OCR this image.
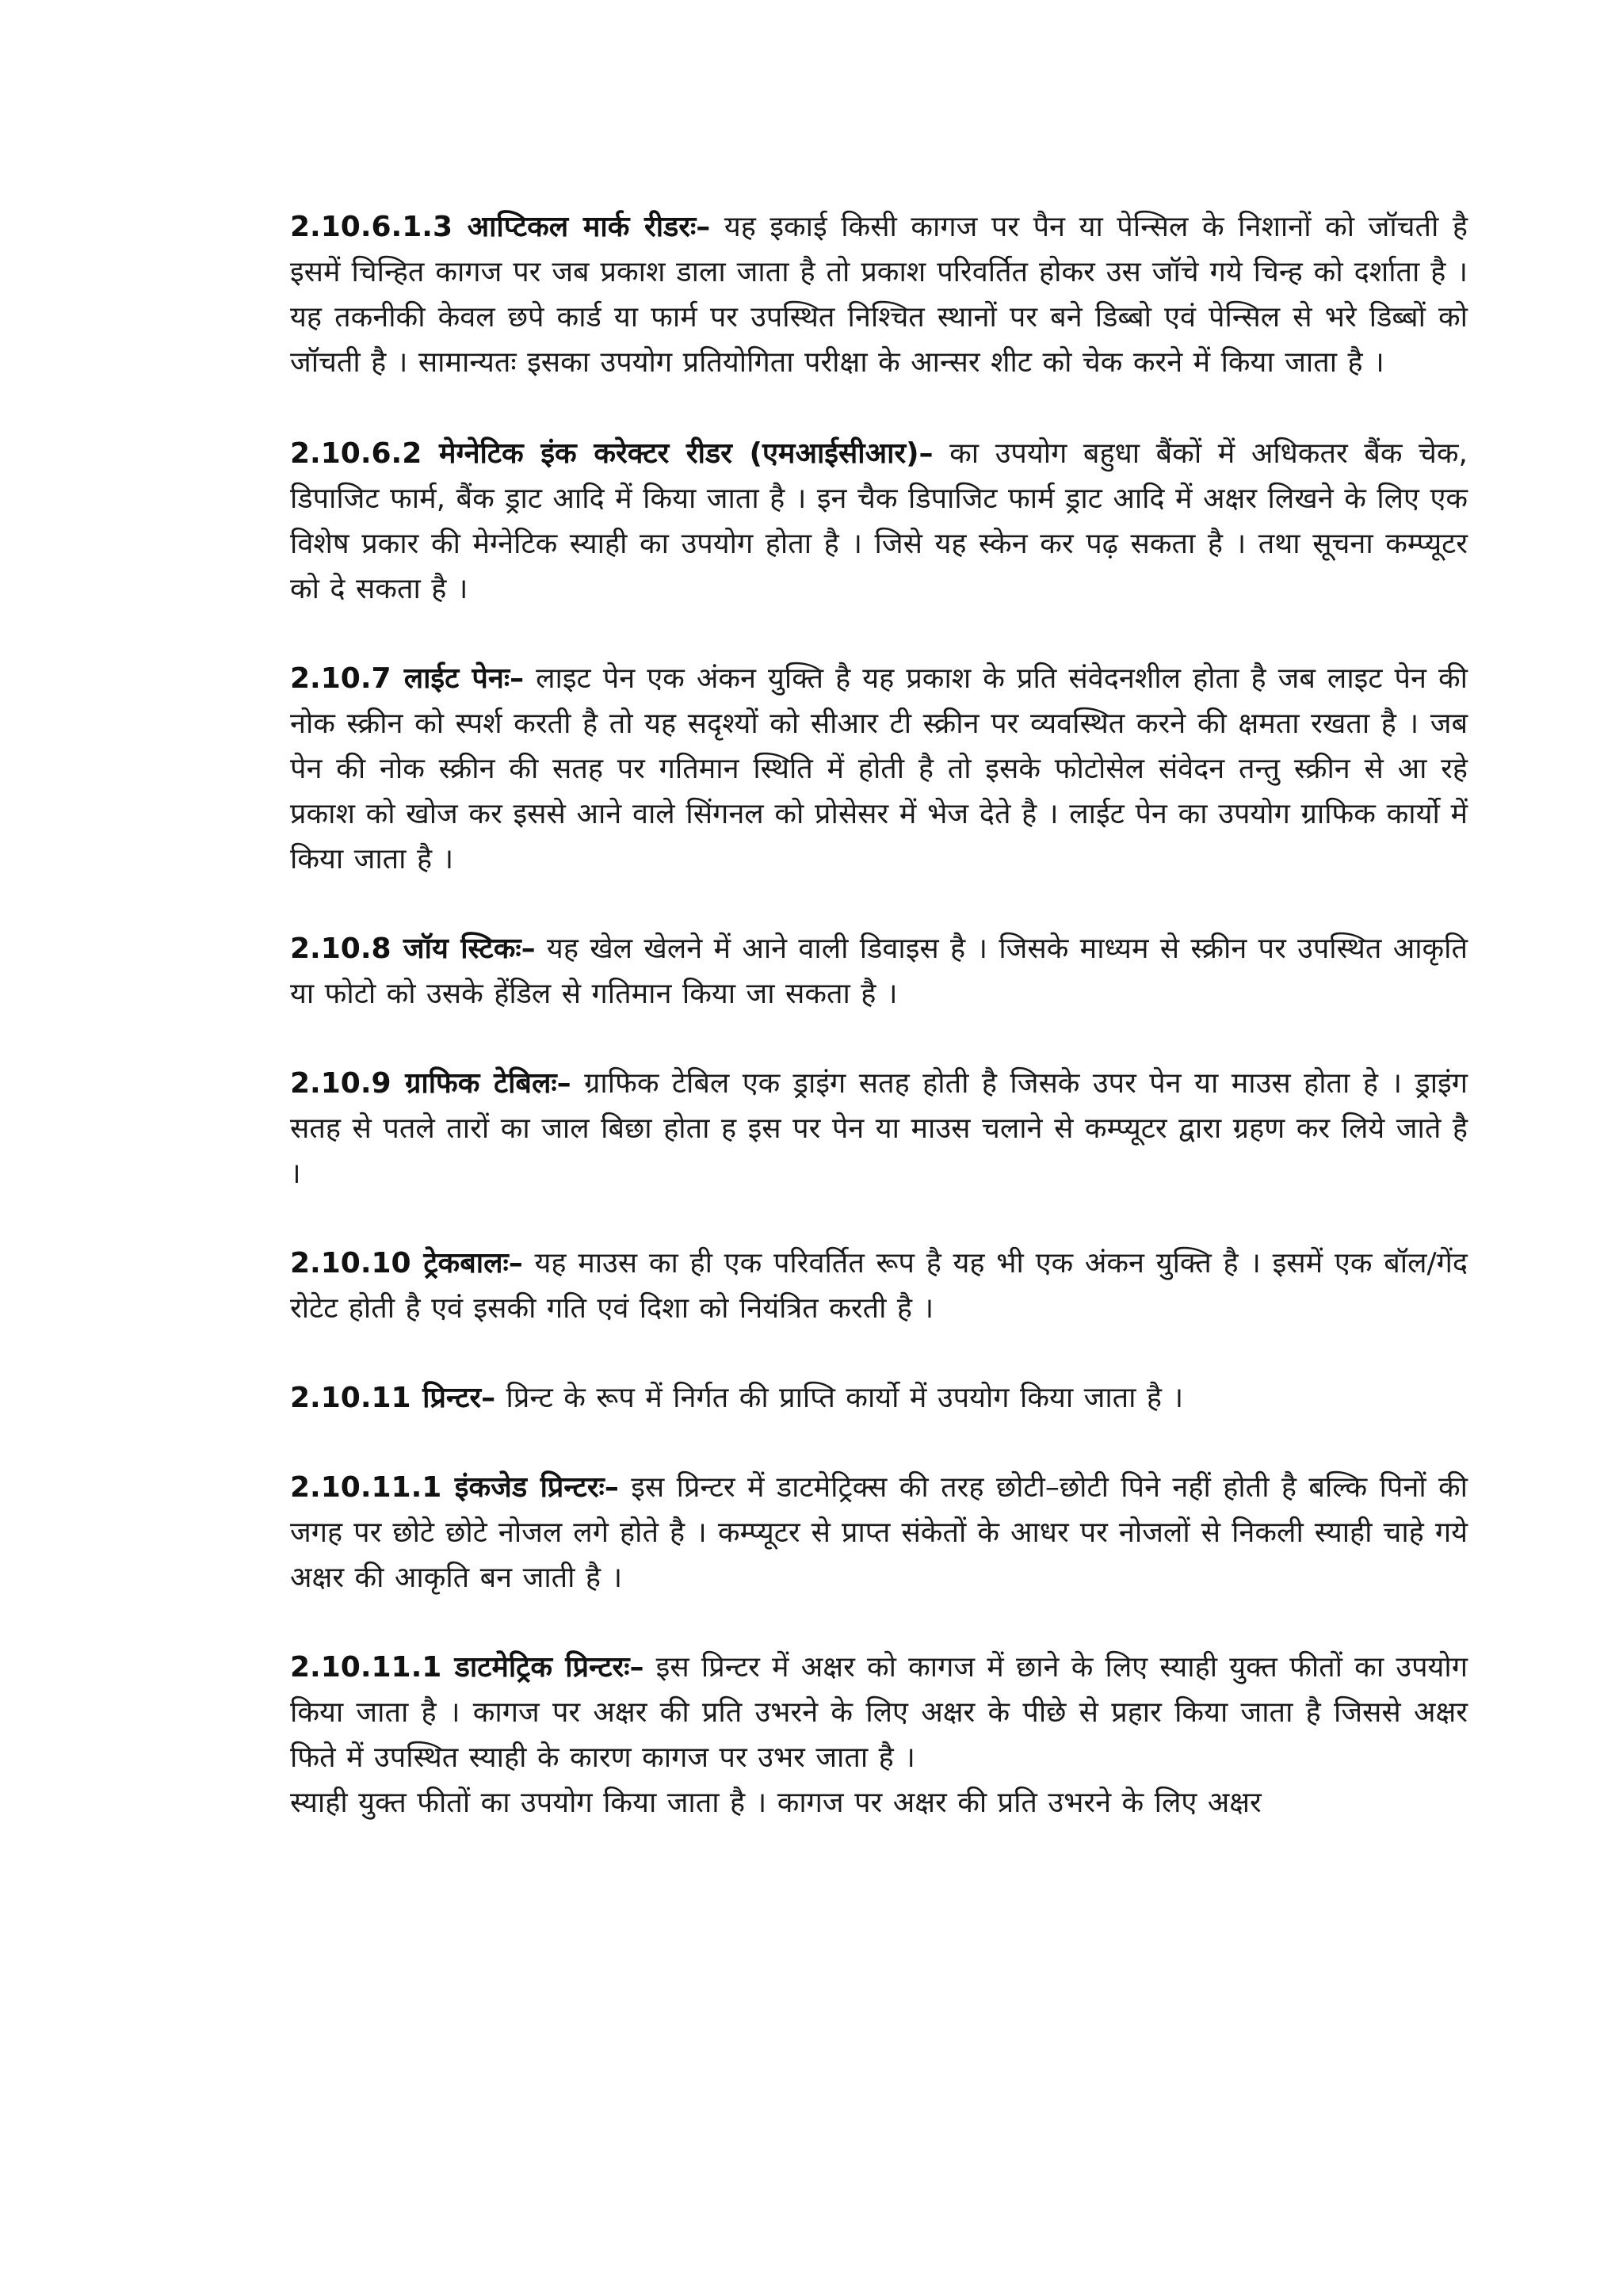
2.10.6.1.3 आप्टिकल मार्क रीडरः– यह इकाई किसी कागज पर पैन या पेन्सिल के निशानों को जॉचती है इसमें चिन्हित कागज पर जब प्रकाश डाला जाता है तो प्रकाश परिवर्तित होकर उस जॉचे गये चिन्ह को दर्शाता है । यह तकनीकी केवल छपे कार्ड या फार्म पर उपस्थित निश्चित स्थानों पर बने डिब्बो एवं पेन्सिल से भरे डिब्बों को जॉचती है । सामान्यतः इसका उपयोग प्रतियोगिता परीक्षा के आन्सर शीट को चेक करने में किया जाता है ।

2.10.6.2 मेग्नेटिक इंक करेक्टर रीडर (एमआईसीआर)– का उपयोग बहुधा बैंकों में अधिकतर बैंक चेक, डिपाजिट फार्म, बैंक ड्राट आदि में किया जाता है । इन चैक डिपाजिट फार्म ड्राट आदि में अक्षर लिखने के लिए एक विशेष प्रकार की मेग्नेटिक स्याही का उपयोग होता है । जिसे यह स्केन कर पढ़ सकता है । तथा सूचना कम्प्यूटर को दे सकता है ।

2.10.7 लाईट पेनः– लाइट पेन एक अंकन युक्ति है यह प्रकाश के प्रति संवेदनशील होता है जब लाइट पेन की नोक स्क्रीन को स्पर्श करती है तो यह सदृश्यों को सीआर टी स्क्रीन पर व्यवस्थित करने की क्षमता रखता है । जब पेन की नोक स्क्रीन की सतह पर गतिमान स्थिति में होती है तो इसके फोटोसेल संवेदन तन्तु स्क्रीन से आ रहे प्रकाश को खोज कर इससे आने वाले सिंगनल को प्रोसेसर में भेज देते है । लाईट पेन का उपयोग ग्राफिक कार्यो में किया जाता है ।

2.10.8 जॉय स्टिकः– यह खेल खेलने में आने वाली डिवाइस है । जिसके माध्यम से स्क्रीन पर उपस्थित आकृति या फोटो को उसके हेंडिल से गतिमान किया जा सकता है ।

2.10.9 ग्राफिक टेबिलः– ग्राफिक टेबिल एक ड्राइंग सतह होती है जिसके उपर पेन या माउस होता हे । ड्राइंग सतह से पतले तारों का जाल बिछा होता ह इस पर पेन या माउस चलाने से कम्प्यूटर द्वारा ग्रहण कर लिये जाते है ।

2.10.10 ट्रेकबालः– यह माउस का ही एक परिवर्तित रूप है यह भी एक अंकन युक्ति है । इसमें एक बॉल/गेंद रोटेट होती है एवं इसकी गति एवं दिशा को नियंत्रित करती है ।

2.10.11 प्रिन्टर– प्रिन्ट के रूप में निर्गत की प्राप्ति कार्यो में उपयोग किया जाता है ।

2.10.11.1 इंकजेड प्रिन्टरः– इस प्रिन्टर में डाटमेट्रिक्स की तरह छोटी–छोटी पिने नहीं होती है बल्कि पिनों की जगह पर छोटे छोटे नोजल लगे होते है । कम्प्यूटर से प्राप्त संकेतों के आधर पर नोजलों से निकली स्याही चाहे गये अक्षर की आकृति बन जाती है ।

2.10.11.1 डाटमेट्रिक प्रिन्टरः– इस प्रिन्टर में अक्षर को कागज में छाने के लिए स्याही युक्त फीतों का उपयोग किया जाता है । कागज पर अक्षर की प्रति उभरने के लिए अक्षर के पीछे से प्रहार किया जाता है जिससे अक्षर फिते में उपस्थित स्याही के कारण कागज पर उभर जाता है ।
स्याही युक्त फीतों का उपयोग किया जाता है । कागज पर अक्षर की प्रति उभरने के लिए अक्षर
